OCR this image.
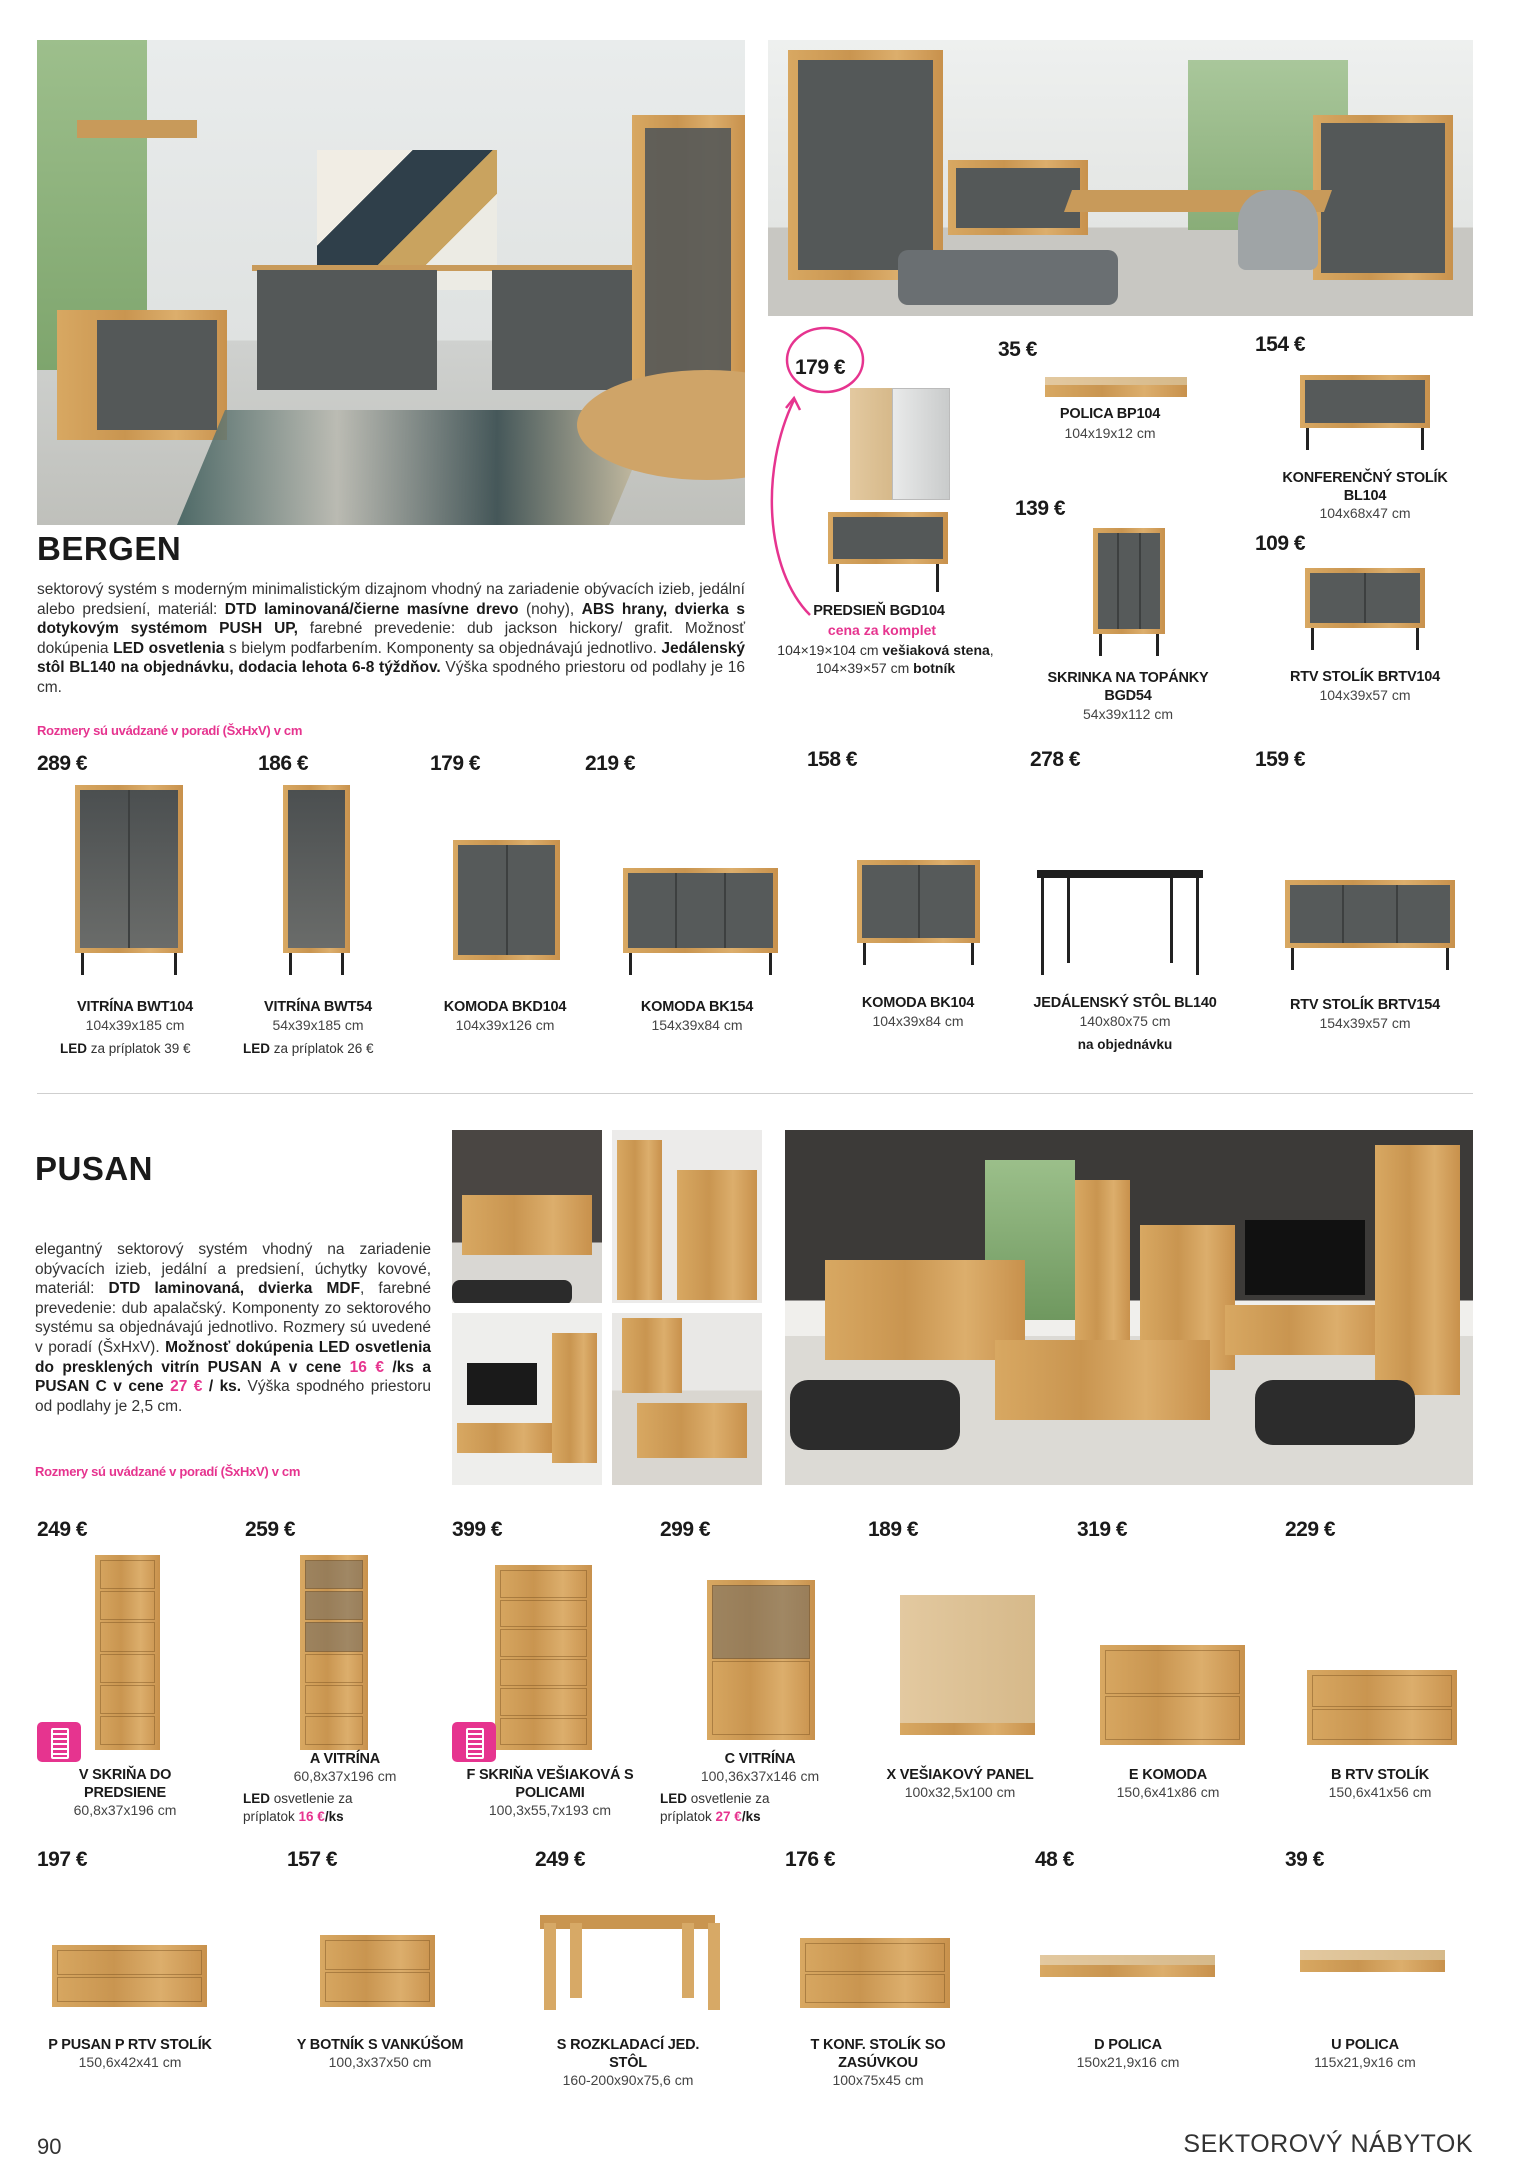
BERGEN
sektorový systém s moderným minimalistickým dizajnom vhodný na zariadenie obývacích izieb, jedální alebo predsiení, materiál: DTD laminovaná/čierne masívne drevo (nohy), ABS hrany, dvierka s dotykovým systémom PUSH UP, farebné prevedenie: dub jackson hickory/ grafit. Možnosť dokúpenia LED osvetlenia s bielym podfarbením. Komponenty sa objednávajú jednotlivo. Jedálenský stôl BL140 na objednávku, dodacia lehota 6-8 týždňov. Výška spodného priestoru od podlahy je 16 cm.
Rozmery sú uvádzané v poradí (ŠxHxV) v cm
179 €
PREDSIEŇ BGD104
cena za komplet
104×19×104 cm vešiaková stena, 104×39×57 cm botník
35 €
POLICA BP104
104x19x12 cm
154 €
KONFERENČNÝ STOLÍK BL104
104x68x47 cm
139 €
SKRINKA NA TOPÁNKY BGD54
54x39x112 cm
109 €
RTV STOLÍK BRTV104
104x39x57 cm
289 €
VITRÍNA BWT104
104x39x185 cm
LED za príplatok 39 €
186 €
VITRÍNA BWT54
54x39x185 cm
LED za príplatok 26 €
179 €
KOMODA BKD104
104x39x126 cm
219 €
KOMODA BK154
154x39x84 cm
158 €
KOMODA BK104
104x39x84 cm
278 €
JEDÁLENSKÝ STÔL BL140
140x80x75 cm
na objednávku
159 €
RTV STOLÍK BRTV154
154x39x57 cm
PUSAN
elegantný sektorový systém vhodný na zariadenie obývacích izieb, jedální a predsiení, úchytky kovové, materiál: DTD laminovaná, dvierka MDF, farebné prevedenie: dub apalačský. Komponenty zo sektorového systému sa objednávajú jednotlivo. Rozmery sú uvedené v poradí (ŠxHxV). Možnosť dokúpenia LED osvetlenia do presklených vitrín PUSAN A v cene 16 € /ks a PUSAN C v cene 27 € / ks. Výška spodného priestoru od podlahy je 2,5 cm.
Rozmery sú uvádzané v poradí (ŠxHxV) v cm
249 €
V SKRIŇA DO PREDSIENE
60,8x37x196 cm
259 €
A VITRÍNA
60,8x37x196 cm
LED osvetlenie za
príplatok 16 €/ks
399 €
F SKRIŇA VEŠIAKOVÁ S POLICAMI
100,3x55,7x193 cm
299 €
C VITRÍNA
100,36x37x146 cm
LED osvetlenie za
príplatok 27 €/ks
189 €
X VEŠIAKOVÝ PANEL
100x32,5x100 cm
319 €
E KOMODA
150,6x41x86 cm
229 €
B RTV STOLÍK
150,6x41x56 cm
197 €
P PUSAN P RTV STOLÍK
150,6x42x41 cm
157 €
Y BOTNÍK S VANKÚŠOM
100,3x37x50 cm
249 €
S ROZKLADACÍ JED. STÔL
160-200x90x75,6 cm
176 €
T KONF. STOLÍK SO ZASÚVKOU
100x75x45 cm
48 €
D POLICA
150x21,9x16 cm
39 €
U POLICA
115x21,9x16 cm
90	SEKTOROVÝ NÁBYTOK
